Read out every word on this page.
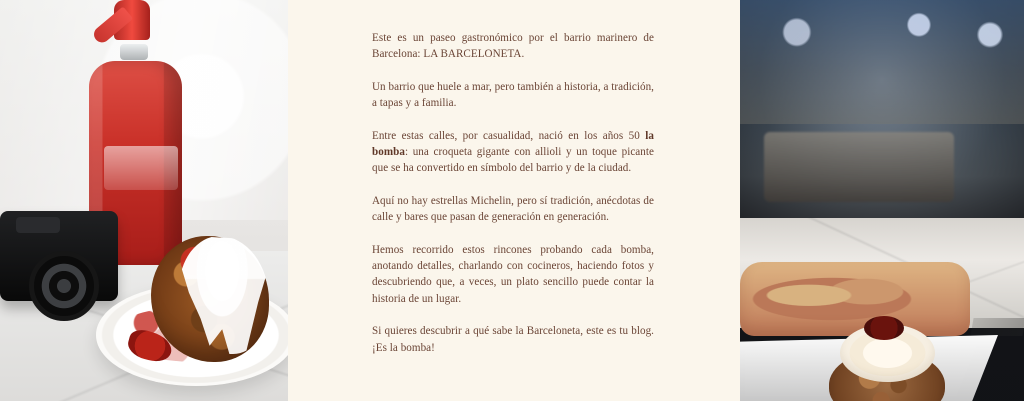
Este es un paseo gastronómico por el barrio marinero de Barcelona: LA BARCELONETA.

Un barrio que huele a mar, pero también a historia, a tradición, a tapas y a familia.

Entre estas calles, por casualidad, nació en los años 50 la bomba: una croqueta gigante con allioli y un toque picante que se ha convertido en símbolo del barrio y de la ciudad.

Aquí no hay estrellas Michelin, pero sí tradición, anécdotas de calle y bares que pasan de generación en generación.

Hemos recorrido estos rincones probando cada bomba, anotando detalles, charlando con cocineros, haciendo fotos y descubriendo que, a veces, un plato sencillo puede contar la historia de un lugar.

Si quieres descubrir a qué sabe la Barceloneta, este es tu blog. ¡Es la bomba!
